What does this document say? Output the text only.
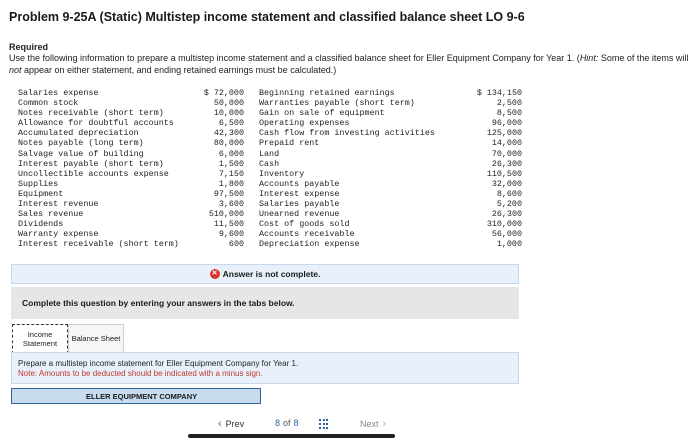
Problem 9-25A (Static) Multistep income statement and classified balance sheet LO 9-6
Required
Use the following information to prepare a multistep income statement and a classified balance sheet for Eller Equipment Company for Year 1. (Hint: Some of the items will not appear on either statement, and ending retained earnings must be calculated.)
Salaries expense
Common stock
Notes receivable (short term)
Allowance for doubtful accounts
Accumulated depreciation
Notes payable (long term)
Salvage value of building
Interest payable (short term)
Uncollectible accounts expense
Supplies
Equipment
Interest revenue
Sales revenue
Dividends
Warranty expense
Interest receivable (short term)
$ 72,000
50,000
10,000
6,500
42,300
80,000
6,000
1,500
7,150
1,800
97,500
3,600
510,000
11,500
9,600
600
Beginning retained earnings
Warranties payable (short term)
Gain on sale of equipment
Operating expenses
Cash flow from investing activities
Prepaid rent
Land
Cash
Inventory
Accounts payable
Interest expense
Salaries payable
Unearned revenue
Cost of goods sold
Accounts receivable
Depreciation expense
$ 134,150
2,500
8,500
96,000
125,000
14,000
70,000
26,300
110,500
32,000
8,600
5,200
26,300
310,000
56,000
1,000
✕ Answer is not complete.
Complete this question by entering your answers in the tabs below.
Income
Statement
Balance Sheet
Prepare a multistep income statement for Eller Equipment Company for Year 1.
Note: Amounts to be deducted should be indicated with a minus sign.
ELLER EQUIPMENT COMPANY
‹ Prev	8 of 8	Next ›
